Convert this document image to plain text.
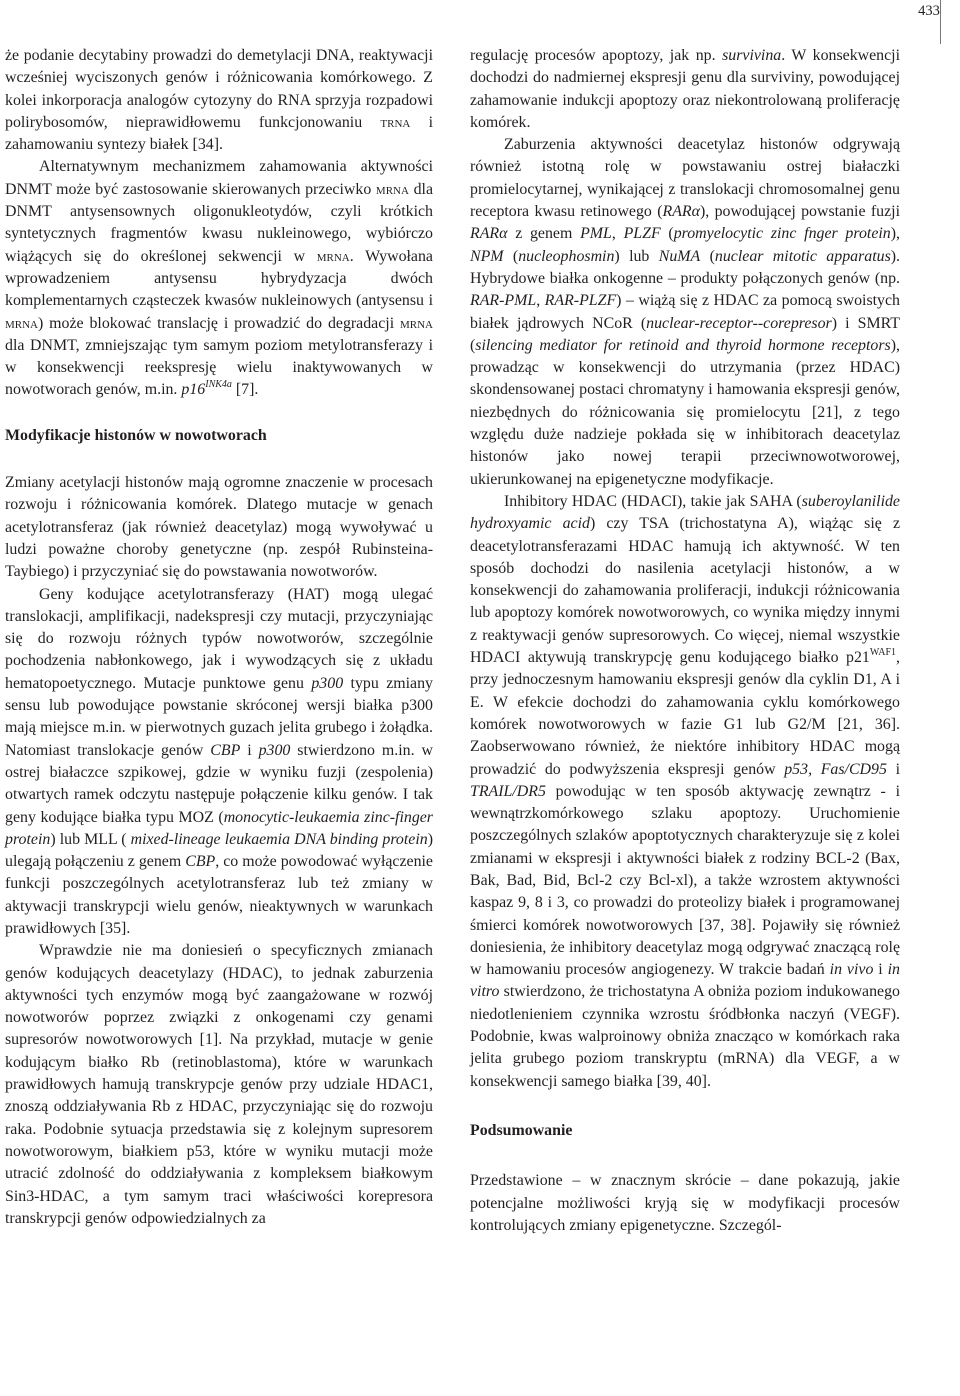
433

że podanie decytabiny prowadzi do demetylacji DNA, reaktywacji wcześniej wyciszonych genów i różnicowania komórkowego. Z kolei inkorporacja analogów cytozyny do RNA sprzyja rozpadowi polirybosomów, nieprawidłowemu funkcjonowaniu trna i zahamowaniu syntezy białek [34].

Alternatywnym mechanizmem zahamowania aktywności DNMT może być zastosowanie skierowanych przeciwko mrna dla DNMT antysensownych oligonukleotydów, czyli krótkich syntetycznych fragmentów kwasu nukleinowego, wybiórczo wiążących się do określonej sekwencji w mrna. Wywołana wprowadzeniem antysensu hybrydyzacja dwóch komplementarnych cząsteczek kwasów nukleinowych (antysensu i mrna) może blokować translację i prowadzić do degradacji mrna dla DNMT, zmniejszając tym samym poziom metylotransferazy i w konsekwencji reekspresję wielu inaktywowanych w nowotworach genów, m.in. $p16^{INK4a}$ [7].

Modyfikacje histonów w nowotworach

Zmiany acetylacji histonów mają ogromne znaczenie w procesach rozwoju i różnicowania komórek. Dlatego mutacje w genach acetylotransferaz (jak również deacetylaz) mogą wywoływać u ludzi poważne choroby genetyczne (np. zespół Rubinsteina-Taybiego) i przyczyniać się do powstawania nowotworów.

Geny kodujące acetylotransferazy (HAT) mogą ulegać translokacji, amplifikacji, nadekspresji czy mutacji, przyczyniając się do rozwoju różnych typów nowotworów, szczególnie pochodzenia nabłonkowego, jak i wywodzących się z układu hematopoetycznego. Mutacje punktowe genu p300 typu zmiany sensu lub powodujące powstanie skróconej wersji białka p300 mają miejsce m.in. w pierwotnych guzach jelita grubego i żołądka. Natomiast translokacje genów CBP i p300 stwierdzono m.in. w ostrej białaczce szpikowej, gdzie w wyniku fuzji (zespolenia) otwartych ramek odczytu następuje połączenie kilku genów. I tak geny kodujące białka typu MOZ (monocytic-leukaemia zinc-finger protein) lub MLL ( mixed-lineage leukaemia DNA binding protein) ulegają połączeniu z genem CBP, co może powodować wyłączenie funkcji poszczególnych acetylotransferaz lub też zmiany w aktywacji transkrypcji wielu genów, nieaktywnych w warunkach prawidłowych [35].

Wprawdzie nie ma doniesień o specyficznych zmianach genów kodujących deacetylazy (HDAC), to jednak zaburzenia aktywności tych enzymów mogą być zaangażowane w rozwój nowotworów poprzez związki z onkogenami czy genami supresorów nowotworowych [1]. Na przykład, mutacje w genie kodującym białko Rb (retinoblastoma), które w warunkach prawidłowych hamują transkrypcje genów przy udziale HDAC1, znoszą oddziaływania Rb z HDAC, przyczyniając się do rozwoju raka. Podobnie sytuacja przedstawia się z kolejnym supresorem nowotworowym, białkiem p53, które w wyniku mutacji może utracić zdolność do oddziaływania z kompleksem białkowym Sin3-HDAC, a tym samym traci właściwości korepresora transkrypcji genów odpowiedzialnych za

regulację procesów apoptozy, jak np. survivina. W konsekwencji dochodzi do nadmiernej ekspresji genu dla surviviny, powodującej zahamowanie indukcji apoptozy oraz niekontrolowaną proliferację komórek.

Zaburzenia aktywności deacetylaz histonów odgrywają również istotną rolę w powstawaniu ostrej białaczki promielocytarnej, wynikającej z translokacji chromosomalnej genu receptora kwasu retinowego (RARα), powodującej powstanie fuzji RARα z genem PML, PLZF (promyelocytic zinc fnger protein), NPM (nucleophosmin) lub NuMA (nuclear mitotic apparatus). Hybrydowe białka onkogenne – produkty połączonych genów (np. RAR-PML, RAR-PLZF) – wiążą się z HDAC za pomocą swoistych białek jądrowych NCoR (nuclear-receptor--corepresor) i SMRT (silencing mediator for retinoid and thyroid hormone receptors), prowadząc w konsekwencji do utrzymania (przez HDAC) skondensowanej postaci chromatyny i hamowania ekspresji genów, niezbędnych do różnicowania się promielocytu [21], z tego względu duże nadzieje pokłada się w inhibitorach deacetylaz histonów jako nowej terapii przeciwnowotworowej, ukierunkowanej na epigenetyczne modyfikacje.

Inhibitory HDAC (HDACI), takie jak SAHA (suberoylanilide hydroxyamic acid) czy TSA (trichostatyna A), wiążąc się z deacetylotransferazami HDAC hamują ich aktywność. W ten sposób dochodzi do nasilenia acetylacji histonów, a w konsekwencji do zahamowania proliferacji, indukcji różnicowania lub apoptozy komórek nowotworowych, co wynika między innymi z reaktywacji genów supresorowych. Co więcej, niemal wszystkie HDACI aktywują transkrypcję genu kodującego białko $p21^{WAF1}$, przy jednoczesnym hamowaniu ekspresji genów dla cyklin D1, A i E. W efekcie dochodzi do zahamowania cyklu komórkowego komórek nowotworowych w fazie G1 lub G2/M [21, 36]. Zaobserwowano również, że niektóre inhibitory HDAC mogą prowadzić do podwyższenia ekspresji genów p53, Fas/CD95 i TRAIL/DR5 powodując w ten sposób aktywację zewnątrz - i wewnątrzkomórkowego szlaku apoptozy. Uruchomienie poszczególnych szlaków apoptotycznych charakteryzuje się z kolei zmianami w ekspresji i aktywności białek z rodziny BCL-2 (Bax, Bak, Bad, Bid, Bcl-2 czy Bcl-xl), a także wzrostem aktywności kaspaz 9, 8 i 3, co prowadzi do proteolizy białek i programowanej śmierci komórek nowotworowych [37, 38]. Pojawiły się również doniesienia, że inhibitory deacetylaz mogą odgrywać znaczącą rolę w hamowaniu procesów angiogenezy. W trakcie badań in vivo i in vitro stwierdzono, że trichostatyna A obniża poziom indukowanego niedotlenieniem czynnika wzrostu śródbłonka naczyń (VEGF). Podobnie, kwas walproinowy obniża znacząco w komórkach raka jelita grubego poziom transkryptu (mRNA) dla VEGF, a w konsekwencji samego białka [39, 40].

Podsumowanie

Przedstawione – w znacznym skrócie – dane pokazują, jakie potencjalne możliwości kryją się w modyfikacji procesów kontrolujących zmiany epigenetyczne. Szczegól-
